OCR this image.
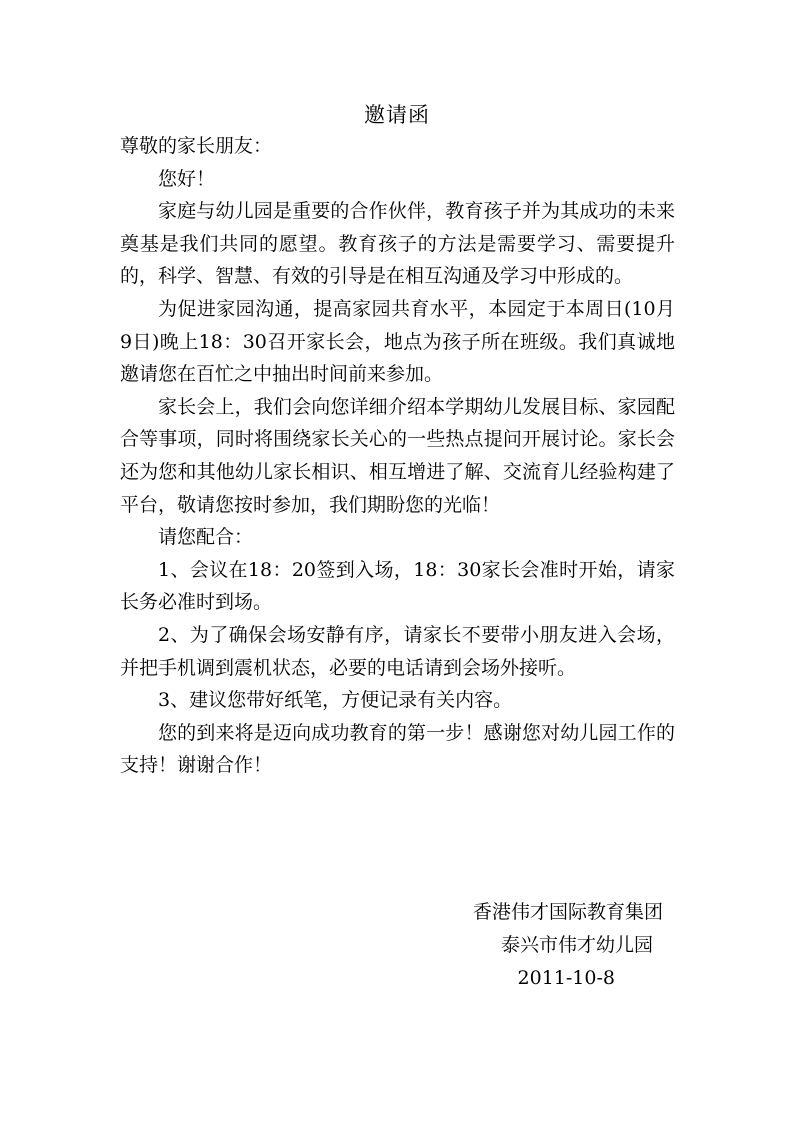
邀请函

尊敬的家长朋友：

您好！

家庭与幼儿园是重要的合作伙伴，教育孩子并为其成功的未来奠基是我们共同的愿望。教育孩子的方法是需要学习、需要提升的，科学、智慧、有效的引导是在相互沟通及学习中形成的。

为促进家园沟通，提高家园共育水平，本园定于本周日(10月9日)晚上18：30召开家长会，地点为孩子所在班级。我们真诚地邀请您在百忙之中抽出时间前来参加。

家长会上，我们会向您详细介绍本学期幼儿发展目标、家园配合等事项，同时将围绕家长关心的一些热点提问开展讨论。家长会还为您和其他幼儿家长相识、相互增进了解、交流育儿经验构建了平台，敬请您按时参加，我们期盼您的光临！

请您配合：

1、会议在18：20签到入场，18：30家长会准时开始，请家长务必准时到场。

2、为了确保会场安静有序，请家长不要带小朋友进入会场，并把手机调到震机状态，必要的电话请到会场外接听。

3、建议您带好纸笔，方便记录有关内容。

您的到来将是迈向成功教育的第一步！感谢您对幼儿园工作的支持！谢谢合作！

香港伟才国际教育集团
泰兴市伟才幼儿园
2011-10-8
